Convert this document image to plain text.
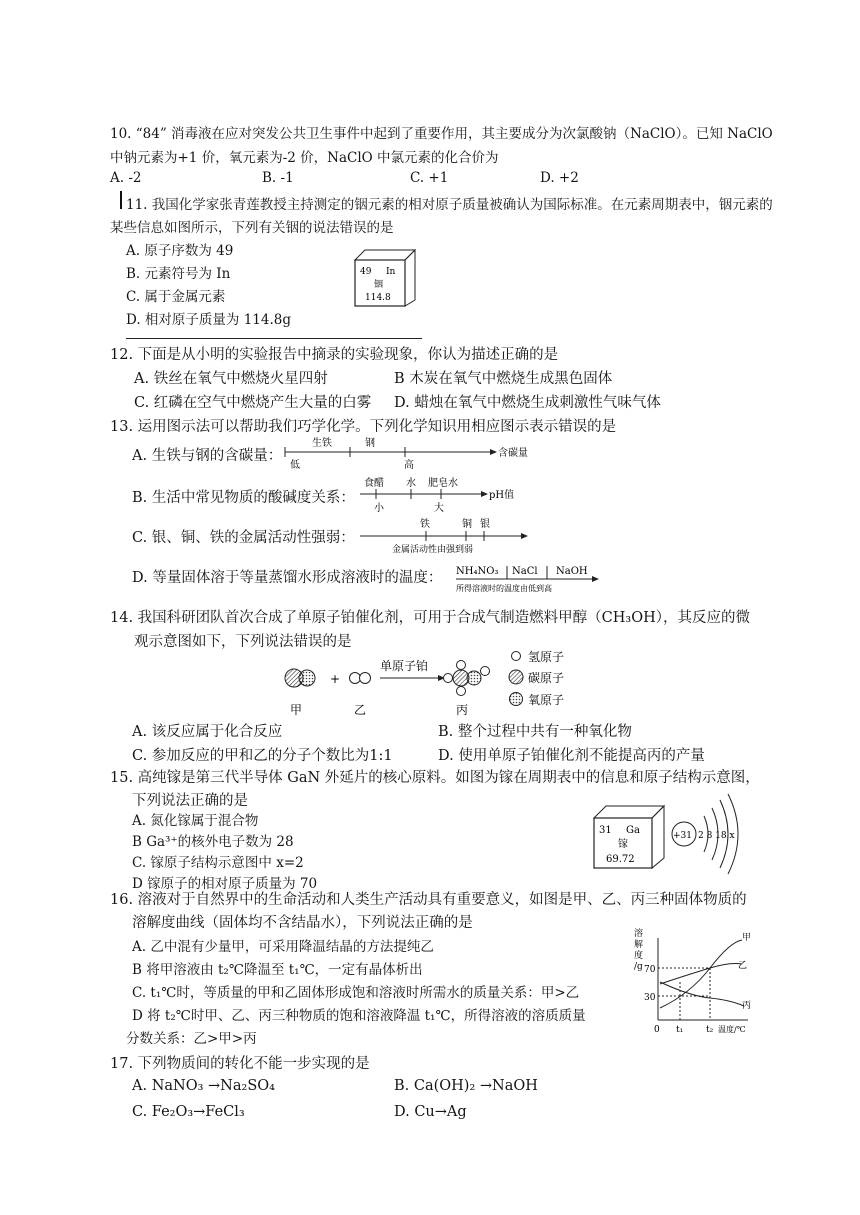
10. “84” 消毒液在应对突发公共卫生事件中起到了重要作用，其主要成分为次氯酸钠（NaClO）。已知 NaClO
中钠元素为+1 价，氧元素为-2 价，NaClO 中氯元素的化合价为
A. -2	B. -1	C. +1	D. +2
11. 我国化学家张青莲教授主持测定的铟元素的相对原子质量被确认为国际标准。在元素周期表中，铟元素的
某些信息如图所示，下列有关铟的说法错误的是
A. 原子序数为 49
B. 元素符号为 In
C. 属于金属元素
D. 相对原子质量为 114.8g
49 In
铟
114.8
12. 下面是从小明的实验报告中摘录的实验现象，你认为描述正确的是
A. 铁丝在氧气中燃烧火星四射	B 木炭在氧气中燃烧生成黑色固体
C. 红磷在空气中燃烧产生大量的白雾 D. 蜡烛在氧气中燃烧生成刺激性气味气体
13. 运用图示法可以帮助我们巧学化学。下列化学知识用相应图示表示错误的是
A. 生铁与钢的含碳量：
生铁	钢
低	高
含碳量
B. 生活中常见物质的酸碱度关系：
食醋 水 肥皂水
小	大
pH值
C. 银、铜、铁的金属活动性强弱：
铁	铜 银
金属活动性由强到弱
D. 等量固体溶于等量蒸馏水形成溶液时的温度： NH₄NO₃ NaCl NaOH
所得溶液时的温度由低到高
14. 我国科研团队首次合成了单原子铂催化剂，可用于合成气制造燃料甲醇（CH₃OH），其反应的微
观示意图如下，下列说法错误的是
+
单原子铂
甲	乙	丙
氢原子
碳原子
氧原子
A. 该反应属于化合反应	B. 整个过程中共有一种氧化物
C. 参加反应的甲和乙的分子个数比为1:1	D. 使用单原子铂催化剂不能提高丙的产量
15. 高纯镓是第三代半导体 GaN 外延片的核心原料。如图为镓在周期表中的信息和原子结构示意图，
下列说法正确的是
A. 氮化镓属于混合物
B Ga³⁺的核外电子数为 28
C. 镓原子结构示意图中 x=2
D 镓原子的相对原子质量为 70
31 Ga
镓
69.72
+31 2 8 18 x
16. 溶液对于自然界中的生命活动和人类生产活动具有重要意义，如图是甲、乙、丙三种固体物质的
溶解度曲线（固体均不含结晶水），下列说法正确的是
A. 乙中混有少量甲，可采用降温结晶的方法提纯乙
B 将甲溶液由 t₂℃降温至 t₁℃，一定有晶体析出
C. t₁℃时，等质量的甲和乙固体形成饱和溶液时所需水的质量关系：甲>乙
D 将 t₂℃时甲、乙、丙三种物质的饱和溶液降温 t₁℃，所得溶液的溶质质量
分数关系：乙>甲>丙
溶
解
度
/g 70
30
甲
乙
丙
0 t₁	t₂ 温度/℃
17. 下列物质间的转化不能一步实现的是
A. NaNO₃ →Na₂SO₄	B. Ca(OH)₂ →NaOH
C. Fe₂O₃→FeCl₃	D. Cu→Ag
